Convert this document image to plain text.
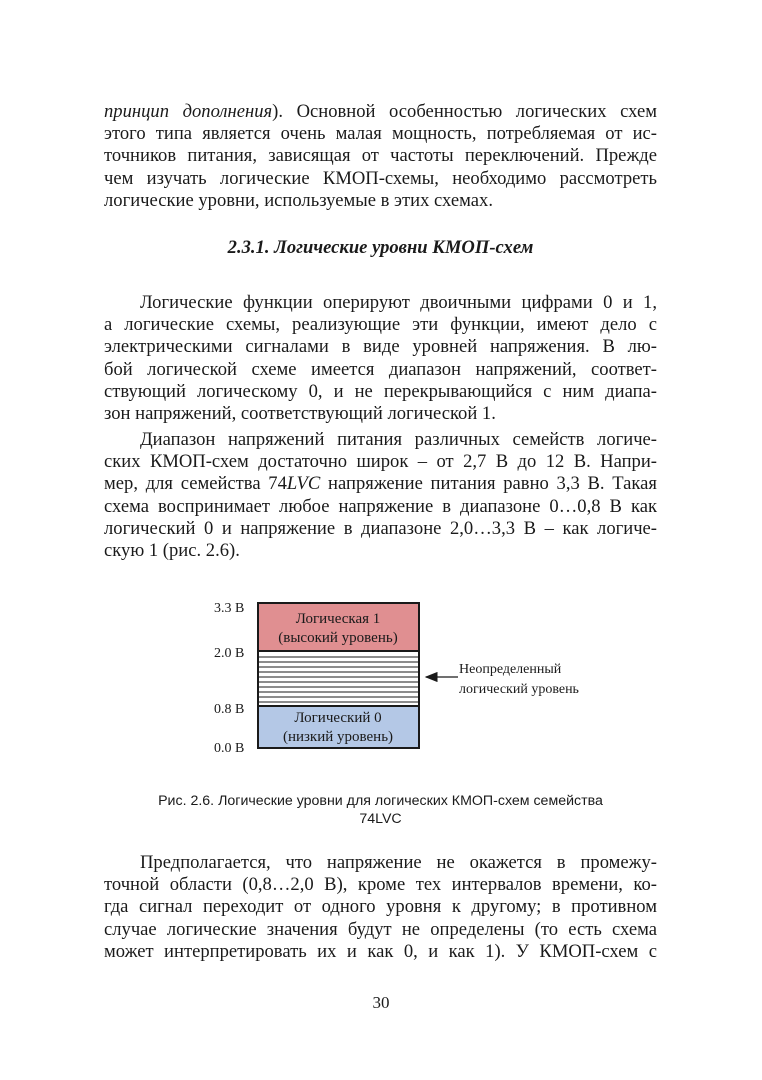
принцип дополнения). Основной особенностью логических схем
этого типа является очень малая мощность, потребляемая от ис-
точников питания, зависящая от частоты переключений. Прежде
чем изучать логические КМОП-схемы, необходимо рассмотреть
логические уровни, используемые в этих схемах.
2.3.1. Логические уровни КМОП-схем
Логические функции оперируют двоичными цифрами 0 и 1,
а логические схемы, реализующие эти функции, имеют дело с
электрическими сигналами в виде уровней напряжения. В лю-
бой логической схеме имеется диапазон напряжений, соответ-
ствующий логическому 0, и не перекрывающийся с ним диапа-
зон напряжений, соответствующий логической 1.
Диапазон напряжений питания различных семейств логиче-
ских КМОП-схем достаточно широк – от 2,7 В до 12 В. Напри-
мер, для семейства 74LVC напряжение питания равно 3,3 В. Такая
схема воспринимает любое напряжение в диапазоне 0…0,8 В как
логический 0 и напряжение в диапазоне 2,0…3,3 В – как логиче-
скую 1 (рис. 2.6).
3.3 В
2.0 В
0.8 В
0.0 В
Логическая 1
(высокий уровень)
Логический 0
(низкий уровень)
Неопределенный
логический уровень
Рис. 2.6. Логические уровни для логических КМОП-схем семейства
74LVC
Предполагается, что напряжение не окажется в промежу-
точной области (0,8…2,0 В), кроме тех интервалов времени, ко-
гда сигнал переходит от одного уровня к другому; в противном
случае логические значения будут не определены (то есть схема
может интерпретировать их и как 0, и как 1). У КМОП-схем с
30
